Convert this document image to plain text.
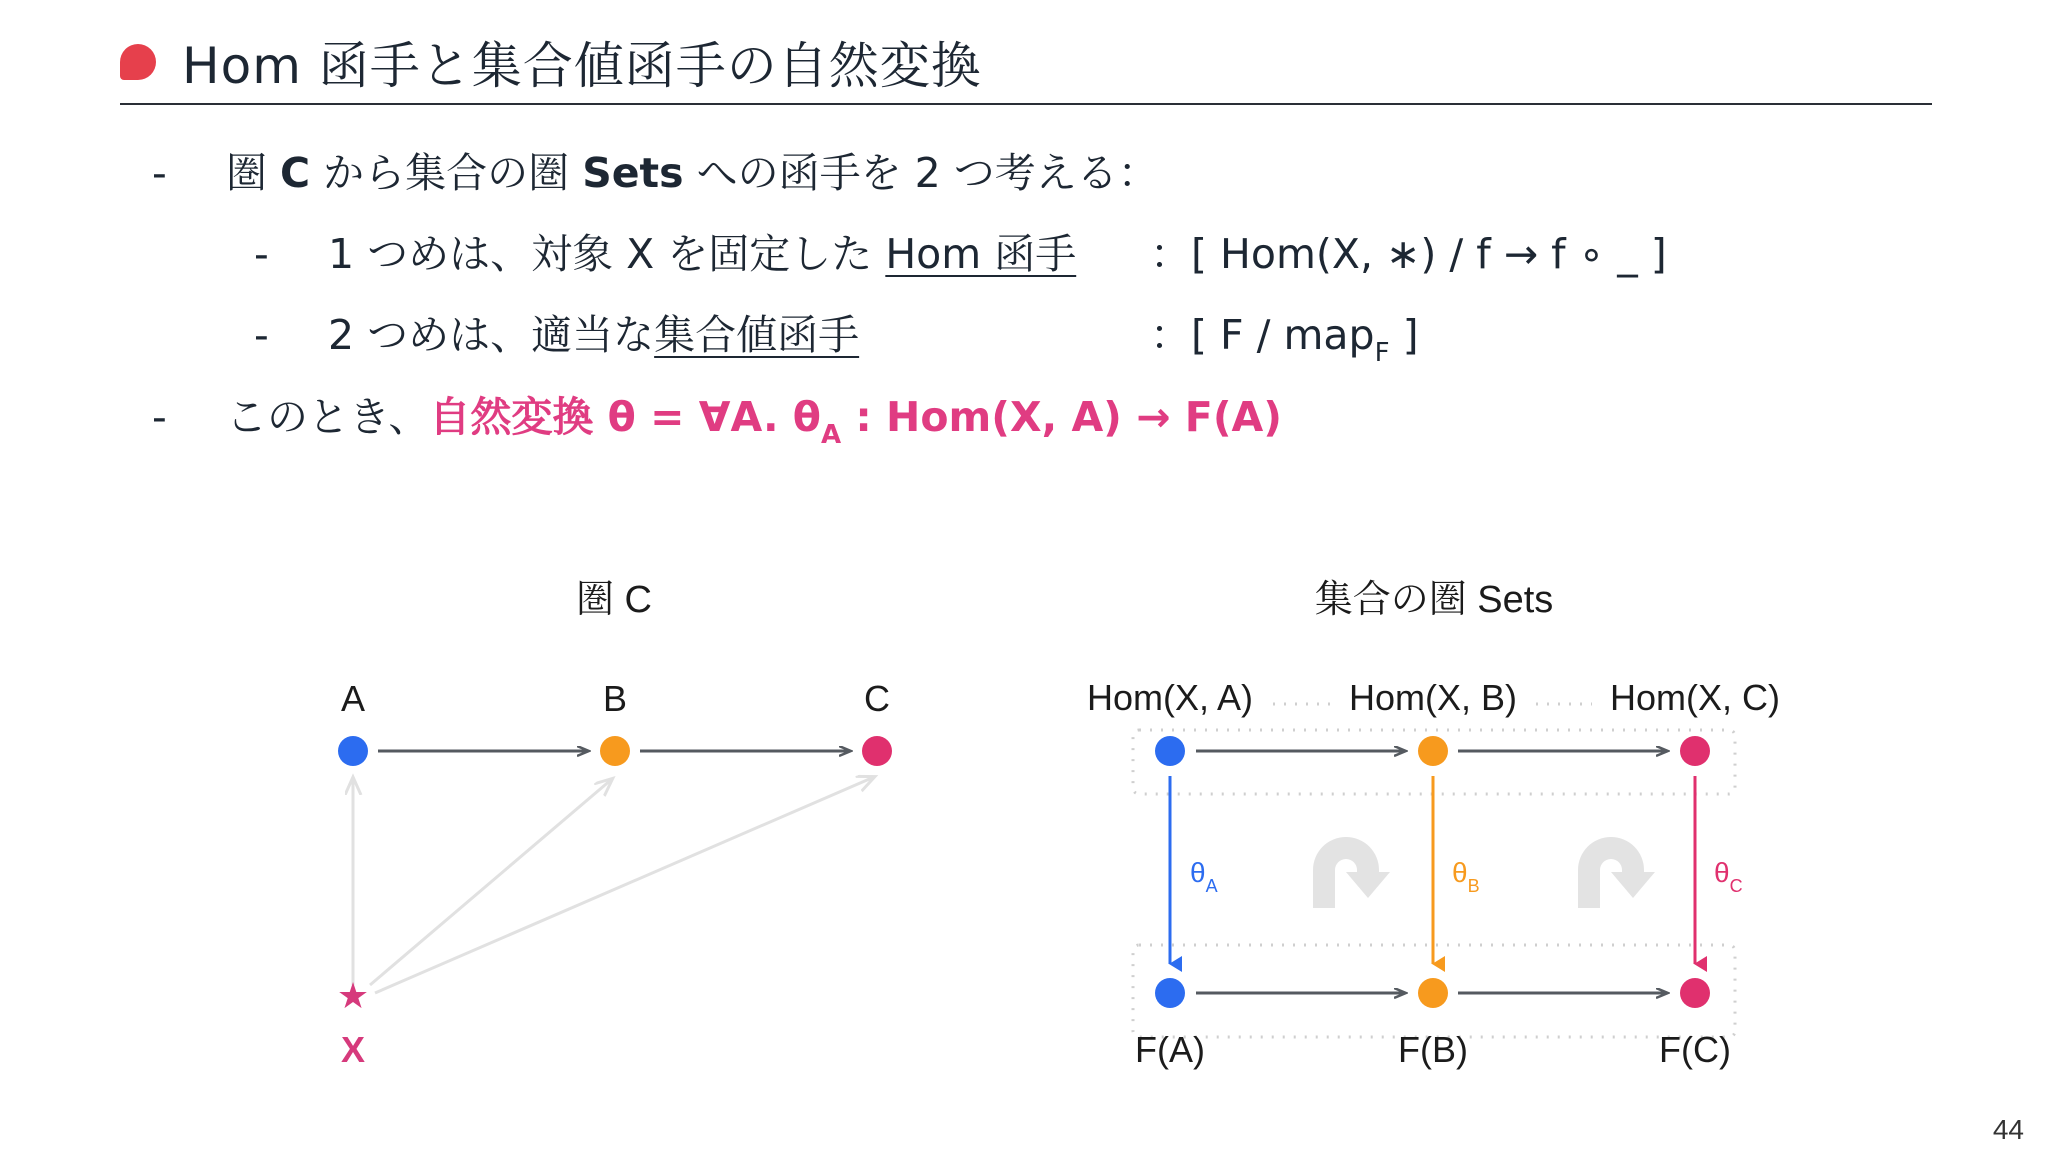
Hom 函手と集合値函手の自然変換
- 圏 C から集合の圏 Sets への函手を 2 つ考える：
- 1 つめは、対象 X を固定した Hom 函手 ：[ Hom(X, ∗) / f → f ∘ _ ]
- 2 つめは、適当な集合値函手	：[ F / map$_F$ ]
- このとき、自然変換 θ = ∀A. $\theta_A$ : Hom(X, A) → F(A)
圏 C
A	B	C
★
X
集合の圏 Sets
Hom(X, A)	Hom(X, B)	Hom(X, C)
$\theta_A$	$\theta_B$	$\theta_C$
F(A)	F(B)	F(C)
44
